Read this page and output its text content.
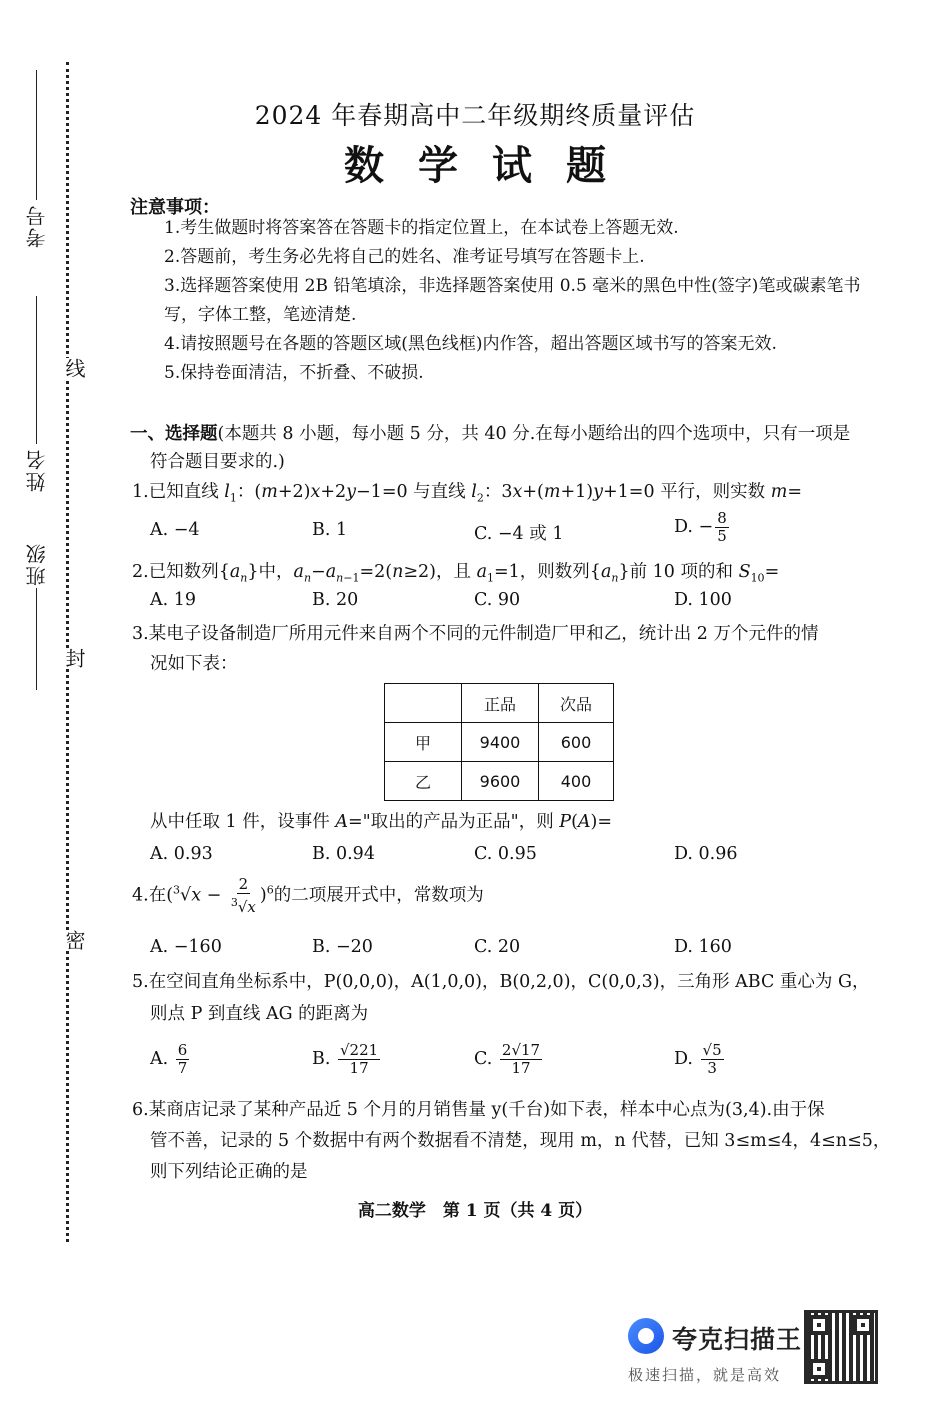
考号
姓名
班级
线
封
密
2024 年春期高中二年级期终质量评估
数学试题
注意事项：
1.考生做题时将答案答在答题卡的指定位置上，在本试卷上答题无效.
2.答题前，考生务必先将自己的姓名、准考证号填写在答题卡上.
3.选择题答案使用 2B 铅笔填涂，非选择题答案使用 0.5 毫米的黑色中性(签字)笔或碳素笔书写，字体工整，笔迹清楚.
4.请按照题号在各题的答题区域(黑色线框)内作答，超出答题区域书写的答案无效.
5.保持卷面清洁，不折叠、不破损.
一、选择题(本题共 8 小题，每小题 5 分，共 40 分.在每小题给出的四个选项中，只有一项是
符合题目要求的.)
1.已知直线 $l_1$：(m+2)x+2y−1=0 与直线 $l_2$：3x+(m+1)y+1=0 平行，则实数 m=
A. −4	B. 1	C. −4 或 1	D. − $\frac{8}{5}$
2.已知数列$\{a_n\}$中，$a_n-a_{n-1}=2(n\ge 2)$，且 $a_1=1$，则数列$\{a_n\}$前 10 项的和 $S_{10}=$
A. 19	B. 20	C. 90	D. 100
3.某电子设备制造厂所用元件来自两个不同的元件制造厂甲和乙，统计出 2 万个元件的情
况如下表：
	正品	次品
甲	9400	600
乙	9600	400
从中任取 1 件，设事件 A="取出的产品为正品"，则 P(A)=
A. 0.93	B. 0.94	C. 0.95	D. 0.96
4.在$(^3√x - \frac{2}{^3√x} )^6$的二项展开式中，常数项为
A. −160	B. −20	C. 20	D. 160
5.在空间直角坐标系中，P(0,0,0)，A(1,0,0)，B(0,2,0)，C(0,0,3)，三角形 ABC 重心为 G，
则点 P 到直线 AG 的距离为
A. $\frac{6}{7}$	B. $\frac{√221}{17}$	C. $\frac{2√17}{17}$	D. $\frac{√5}{3}$
6.某商店记录了某种产品近 5 个月的月销售量 y(千台)如下表，样本中心点为(3,4).由于保
管不善，记录的 5 个数据中有两个数据看不清楚，现用 m，n 代替，已知 3≤m≤4，4≤n≤5，
则下列结论正确的是
高二数学　第 1 页（共 4 页）
夸克扫描王
极速扫描，就是高效
